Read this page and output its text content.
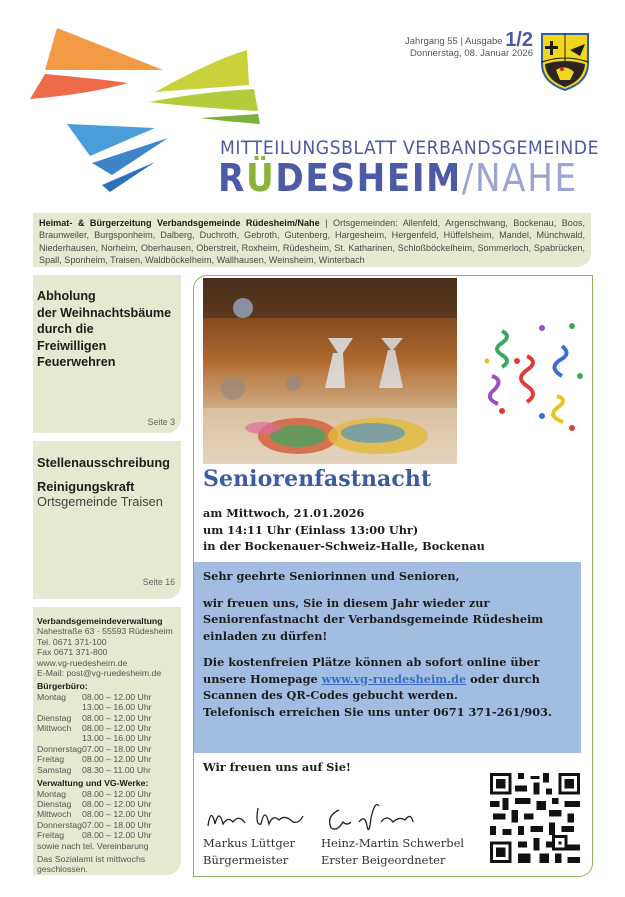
Jahrgang 55 | Ausgabe 1/2
Donnerstag, 08. Januar 2026
MITTEILUNGSBLATT VERBANDSGEMEINDE
RÜDESHEIM/NAHE
Heimat- & Bürgerzeitung Verbandsgemeinde Rüdesheim/Nahe | Ortsgemeinden: Allenfeld, Argenschwang, Bockenau, Boos, Braunweiler, Burgsponheim, Dalberg, Duchroth, Gebroth, Gutenberg, Hargesheim, Hergenfeld, Hüffelsheim, Mandel, Münchwald, Niederhausen, Norheim, Oberhausen, Oberstreit, Roxheim, Rüdesheim, St. Katharinen, Schloßböckelheim, Sommerloch, Spabrücken, Spall, Sponheim, Traisen, Waldböckelheim, Wallhausen, Weinsheim, Winterbach
Abholung
der Weihnachtsbäume
durch die
Freiwilligen
Feuerwehren
Seite 3
Stellenausschreibung
Reinigungskraft
Ortsgemeinde Traisen
Seite 16
Verbandsgemeindeverwaltung
Nahestraße 63 · 55593 Rüdesheim
Tel. 0671 371-100
Fax 0671 371-800
www.vg-ruedesheim.de
E-Mail: post@vg-ruedesheim.de
Bürgerbüro:
Montag	08.00 – 12.00 Uhr
13.00 – 16.00 Uhr
Dienstag	08.00 – 12.00 Uhr
Mittwoch	08.00 – 12.00 Uhr
13.00 – 16.00 Uhr
Donnerstag 07.00 – 18.00 Uhr
Freitag	08.00 – 12.00 Uhr
Samstag	08.30 – 11.00 Uhr
Verwaltung und VG-Werke:
Montag	08.00 – 12.00 Uhr
Dienstag	08.00 – 12.00 Uhr
Mittwoch	08.00 – 12.00 Uhr
Donnerstag 07.00 – 18.00 Uhr
Freitag	08.00 – 12.00 Uhr
sowie nach tel. Vereinbarung
Das Sozialamt ist mittwochs geschlossen.
Seniorenfastnacht
am Mittwoch, 21.01.2026
um 14:11 Uhr (Einlass 13:00 Uhr)
in der Bockenauer-Schweiz-Halle, Bockenau

Sehr geehrte Seniorinnen und Senioren,

wir freuen uns, Sie in diesem Jahr wieder zur Seniorenfastnacht der Verbandsgemeinde Rüdesheim einladen zu dürfen!

Die kostenfreien Plätze können ab sofort online über unsere Homepage www.vg-ruedesheim.de oder durch Scannen des QR-Codes gebucht werden.
Telefonisch erreichen Sie uns unter 0671 371-261/903.
Wir freuen uns auf Sie!
Markus Lüttger
Bürgermeister
Heinz-Martin Schwerbel
Erster Beigeordneter
